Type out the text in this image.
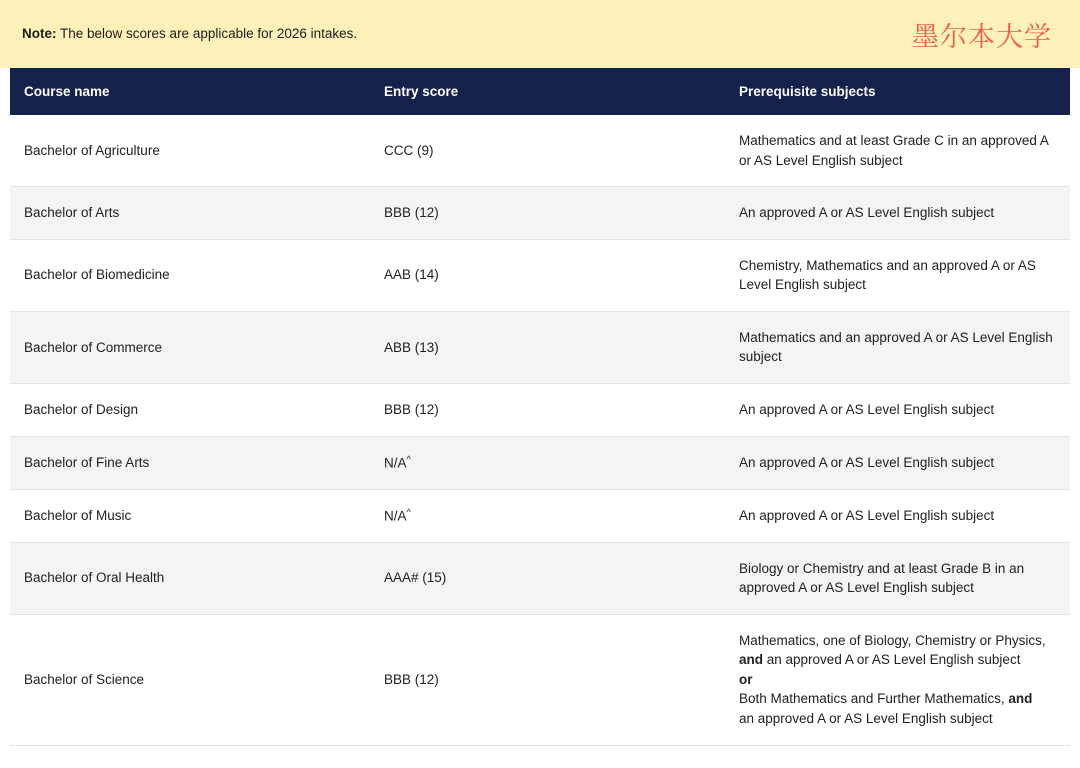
Note: The below scores are applicable for 2026 intakes.	墨尔本大学
Course name	Entry score	Prerequisite subjects
Bachelor of Agriculture	CCC (9)	Mathematics and at least Grade C in an approved A
or AS Level English subject

Bachelor of Arts	BBB (12)	An approved A or AS Level English subject

Bachelor of Biomedicine	AAB (14)	Chemistry, Mathematics and an approved A or AS
Level English subject

Bachelor of Commerce	ABB (13)	Mathematics and an approved A or AS Level English
subject

Bachelor of Design	BBB (12)	An approved A or AS Level English subject

Bachelor of Fine Arts	N/A^	An approved A or AS Level English subject

Bachelor of Music	N/A^	An approved A or AS Level English subject

Bachelor of Oral Health	AAA# (15)	Biology or Chemistry and at least Grade B in an
approved A or AS Level English subject

Bachelor of Science	BBB (12)	Mathematics, one of Biology, Chemistry or Physics,
and an approved A or AS Level English subject
or
Both Mathematics and Further Mathematics, and
an approved A or AS Level English subject
